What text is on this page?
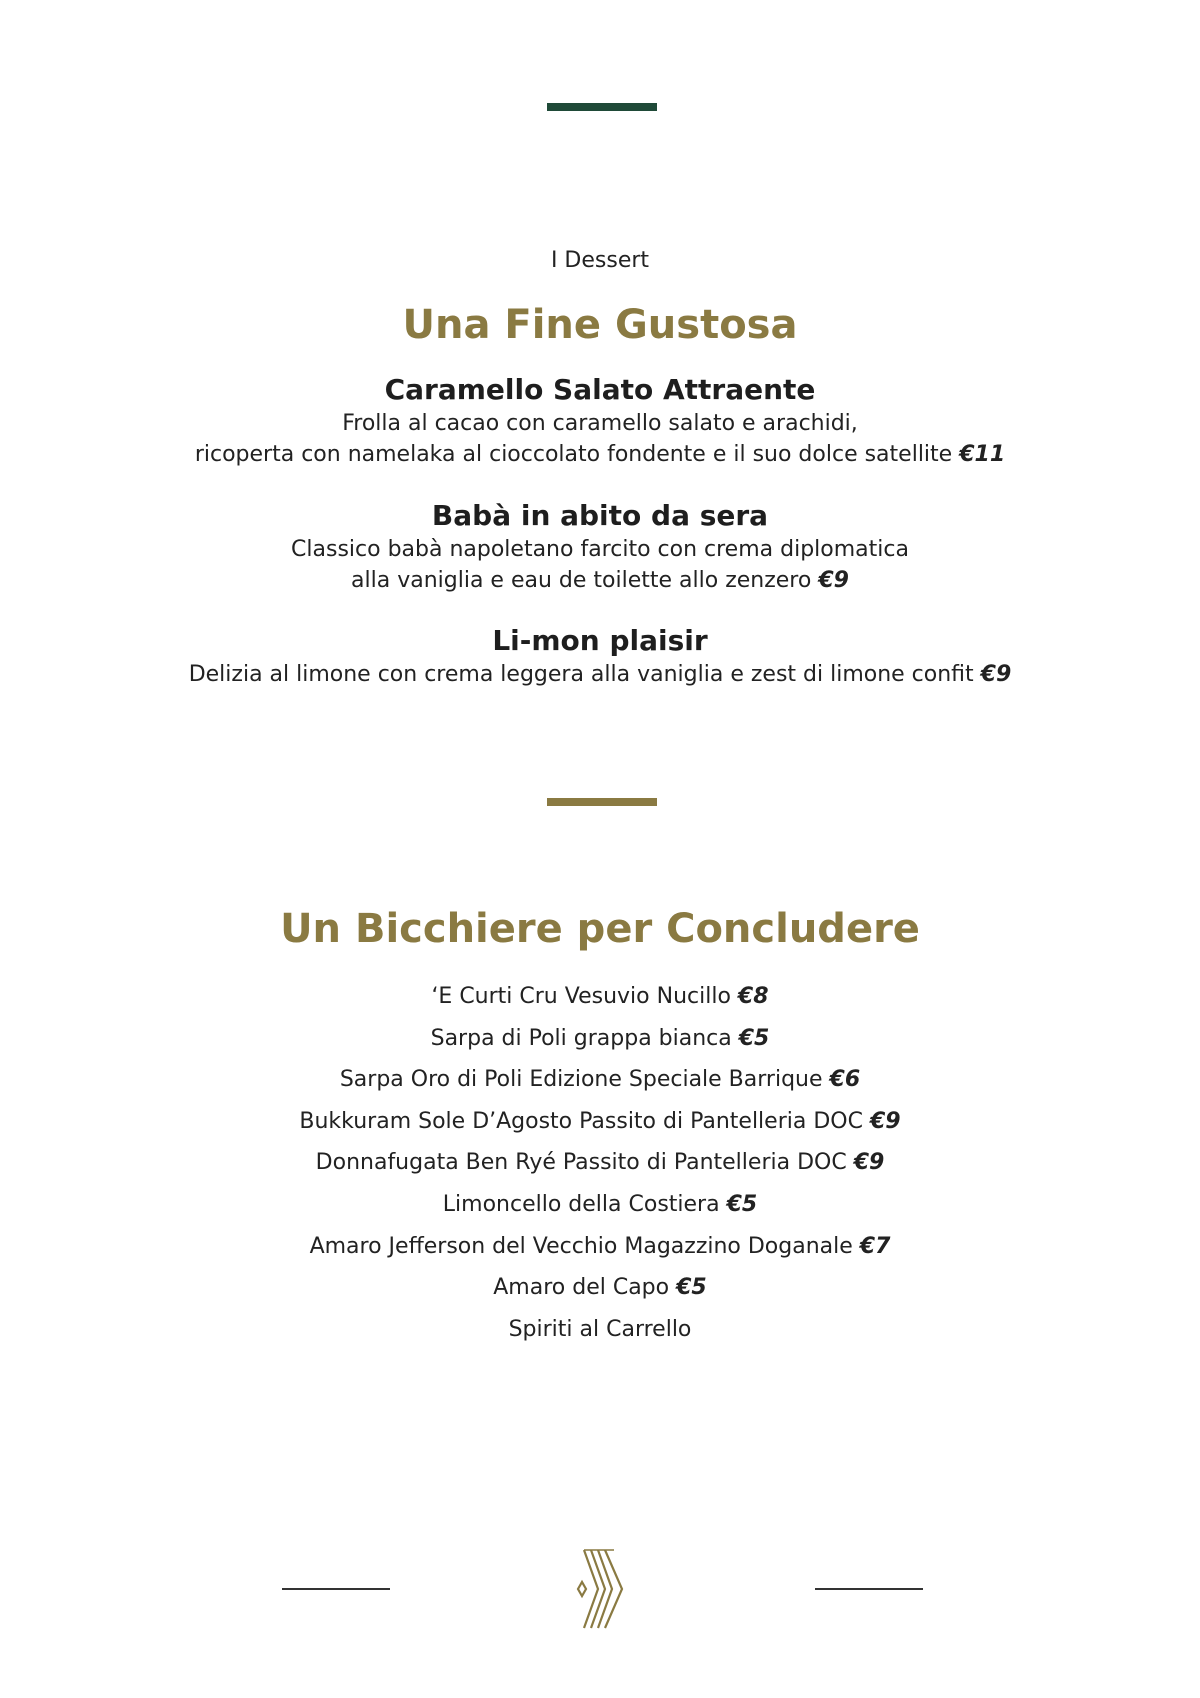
I Dessert
Una Fine Gustosa
Caramello Salato Attraente
Frolla al cacao con caramello salato e arachidi,
ricoperta con namelaka al cioccolato fondente e il suo dolce satellite €11
Babà in abito da sera
Classico babà napoletano farcito con crema diplomatica
alla vaniglia e eau de toilette allo zenzero €9
Li-mon plaisir
Delizia al limone con crema leggera alla vaniglia e zest di limone confit €9
Un Bicchiere per Concludere
‘E Curti Cru Vesuvio Nucillo €8
Sarpa di Poli grappa bianca €5
Sarpa Oro di Poli Edizione Speciale Barrique €6
Bukkuram Sole D’Agosto Passito di Pantelleria DOC €9
Donnafugata Ben Ryé Passito di Pantelleria DOC €9
Limoncello della Costiera €5
Amaro Jefferson del Vecchio Magazzino Doganale €7
Amaro del Capo €5
Spiriti al Carrello
